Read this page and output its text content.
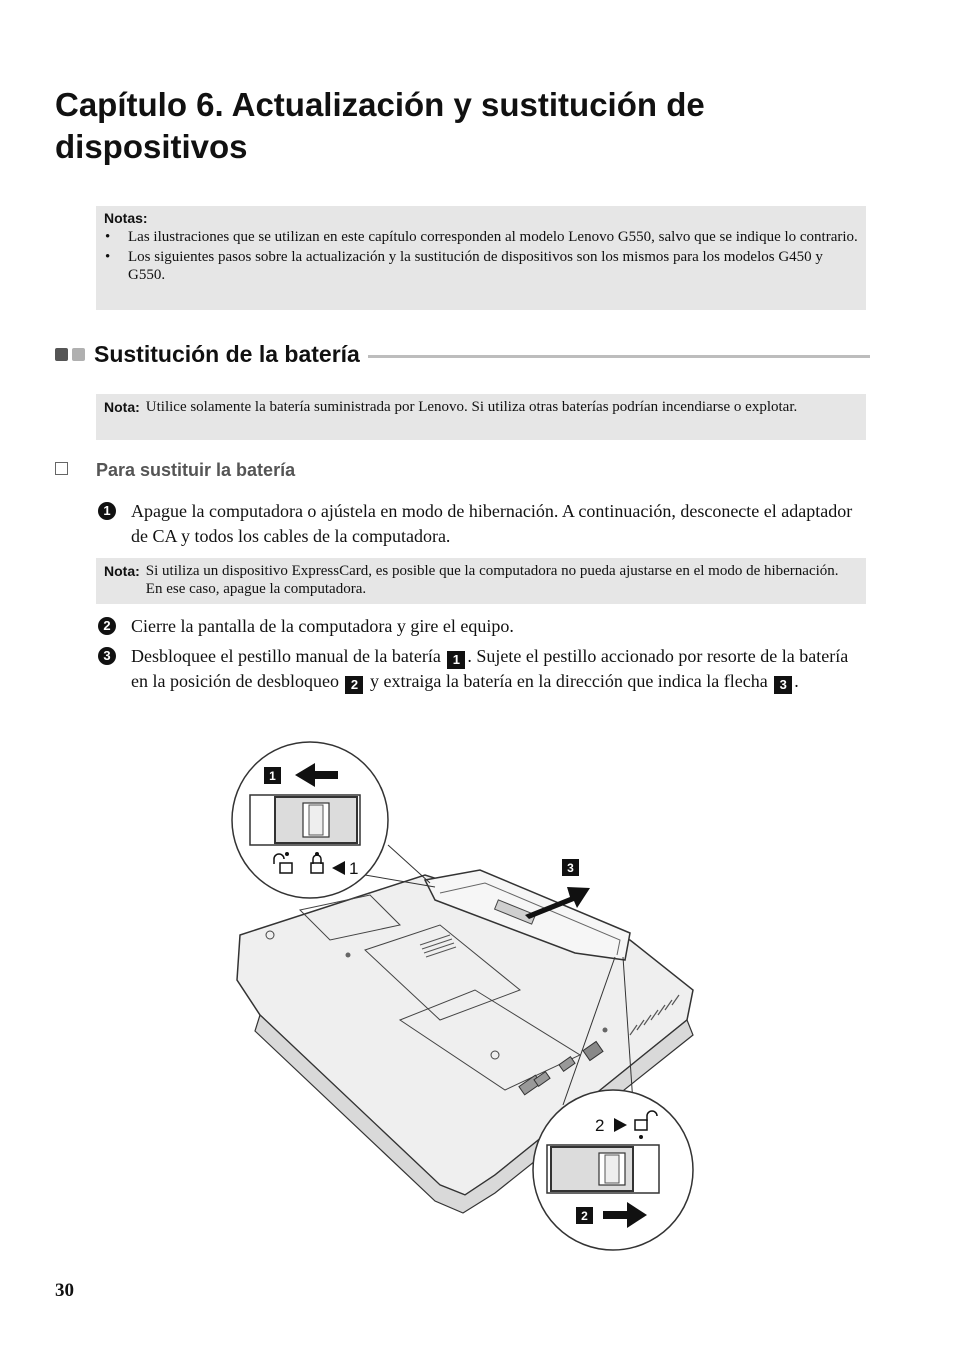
Capítulo 6. Actualización y sustitución de dispositivos
Notas:
• Las ilustraciones que se utilizan en este capítulo corresponden al modelo Lenovo G550, salvo que se indique lo contrario.
• Los siguientes pasos sobre la actualización y la sustitución de dispositivos son los mismos para los modelos G450 y G550.
Sustitución de la batería
Nota: Utilice solamente la batería suministrada por Lenovo. Si utiliza otras baterías podrían incendiarse o explotar.
Para sustituir la batería
1 Apague la computadora o ajústela en modo de hibernación. A continuación, desconecte el adaptador de CA y todos los cables de la computadora.
Nota: Si utiliza un dispositivo ExpressCard, es posible que la computadora no pueda ajustarse en el modo de hibernación. En ese caso, apague la computadora.
2 Cierre la pantalla de la computadora y gire el equipo.
3 Desbloquee el pestillo manual de la batería 1 . Sujete el pestillo accionado por resorte de la batería en la posición de desbloqueo 2 y extraiga la batería en la dirección que indica la flecha 3 .
3
1
1
2
2
30
